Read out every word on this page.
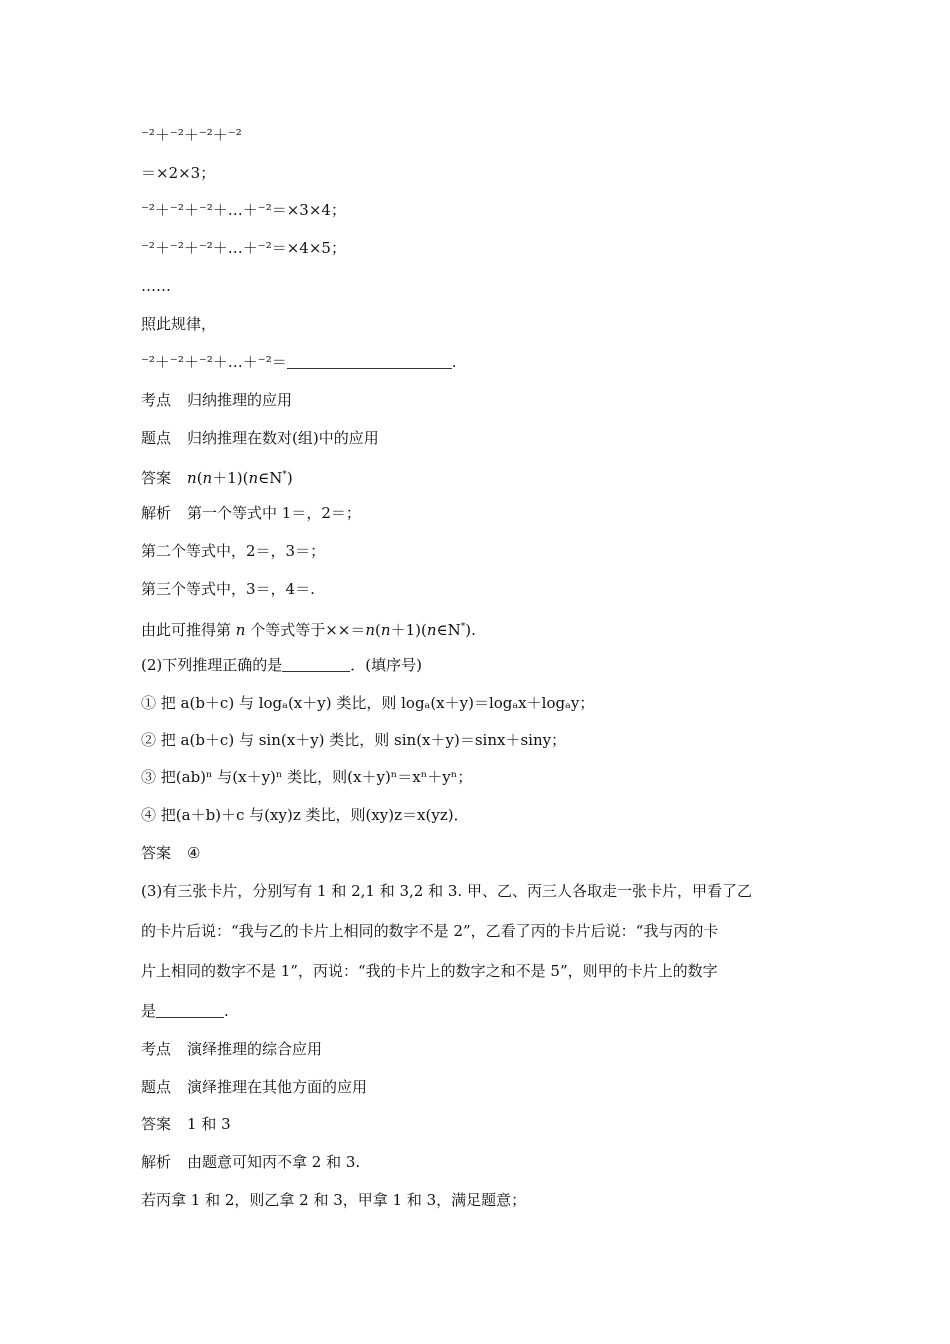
⁻²＋⁻²＋⁻²＋⁻²
＝×2×3；
⁻²＋⁻²＋⁻²＋…＋⁻²＝×3×4；
⁻²＋⁻²＋⁻²＋…＋⁻²＝×4×5；
……
照此规律，
⁻²＋⁻²＋⁻²＋…＋⁻²＝	.
考点 归纳推理的应用
题点 归纳推理在数对(组)中的应用
答案 n(n＋1)(n∈N*)
解析 第一个等式中 1＝，2＝；
第二个等式中，2＝，3＝；
第三个等式中，3＝，4＝.
由此可推得第 n 个等式等于××＝n(n＋1)(n∈N*).
(2)下列推理正确的是	．(填序号)
① 把 a(b＋c) 与 logₐ(x＋y) 类比，则 logₐ(x＋y)＝logₐx＋logₐy；
② 把 a(b＋c) 与 sin(x＋y) 类比，则 sin(x＋y)＝sinx＋siny；
③ 把(ab)ⁿ 与(x＋y)ⁿ 类比，则(x＋y)ⁿ＝xⁿ＋yⁿ；
④ 把(a＋b)＋c 与(xy)z 类比，则(xy)z＝x(yz)．
答案 ④
(3)有三张卡片，分别写有 1 和 2,1 和 3,2 和 3. 甲、乙、丙三人各取走一张卡片，甲看了乙
的卡片后说：“我与乙的卡片上相同的数字不是 2”，乙看了丙的卡片后说：“我与丙的卡
片上相同的数字不是 1”，丙说：“我的卡片上的数字之和不是 5”，则甲的卡片上的数字
是	.
考点 演绎推理的综合应用
题点 演绎推理在其他方面的应用
答案 1 和 3
解析 由题意可知丙不拿 2 和 3.
若丙拿 1 和 2，则乙拿 2 和 3，甲拿 1 和 3，满足题意；
